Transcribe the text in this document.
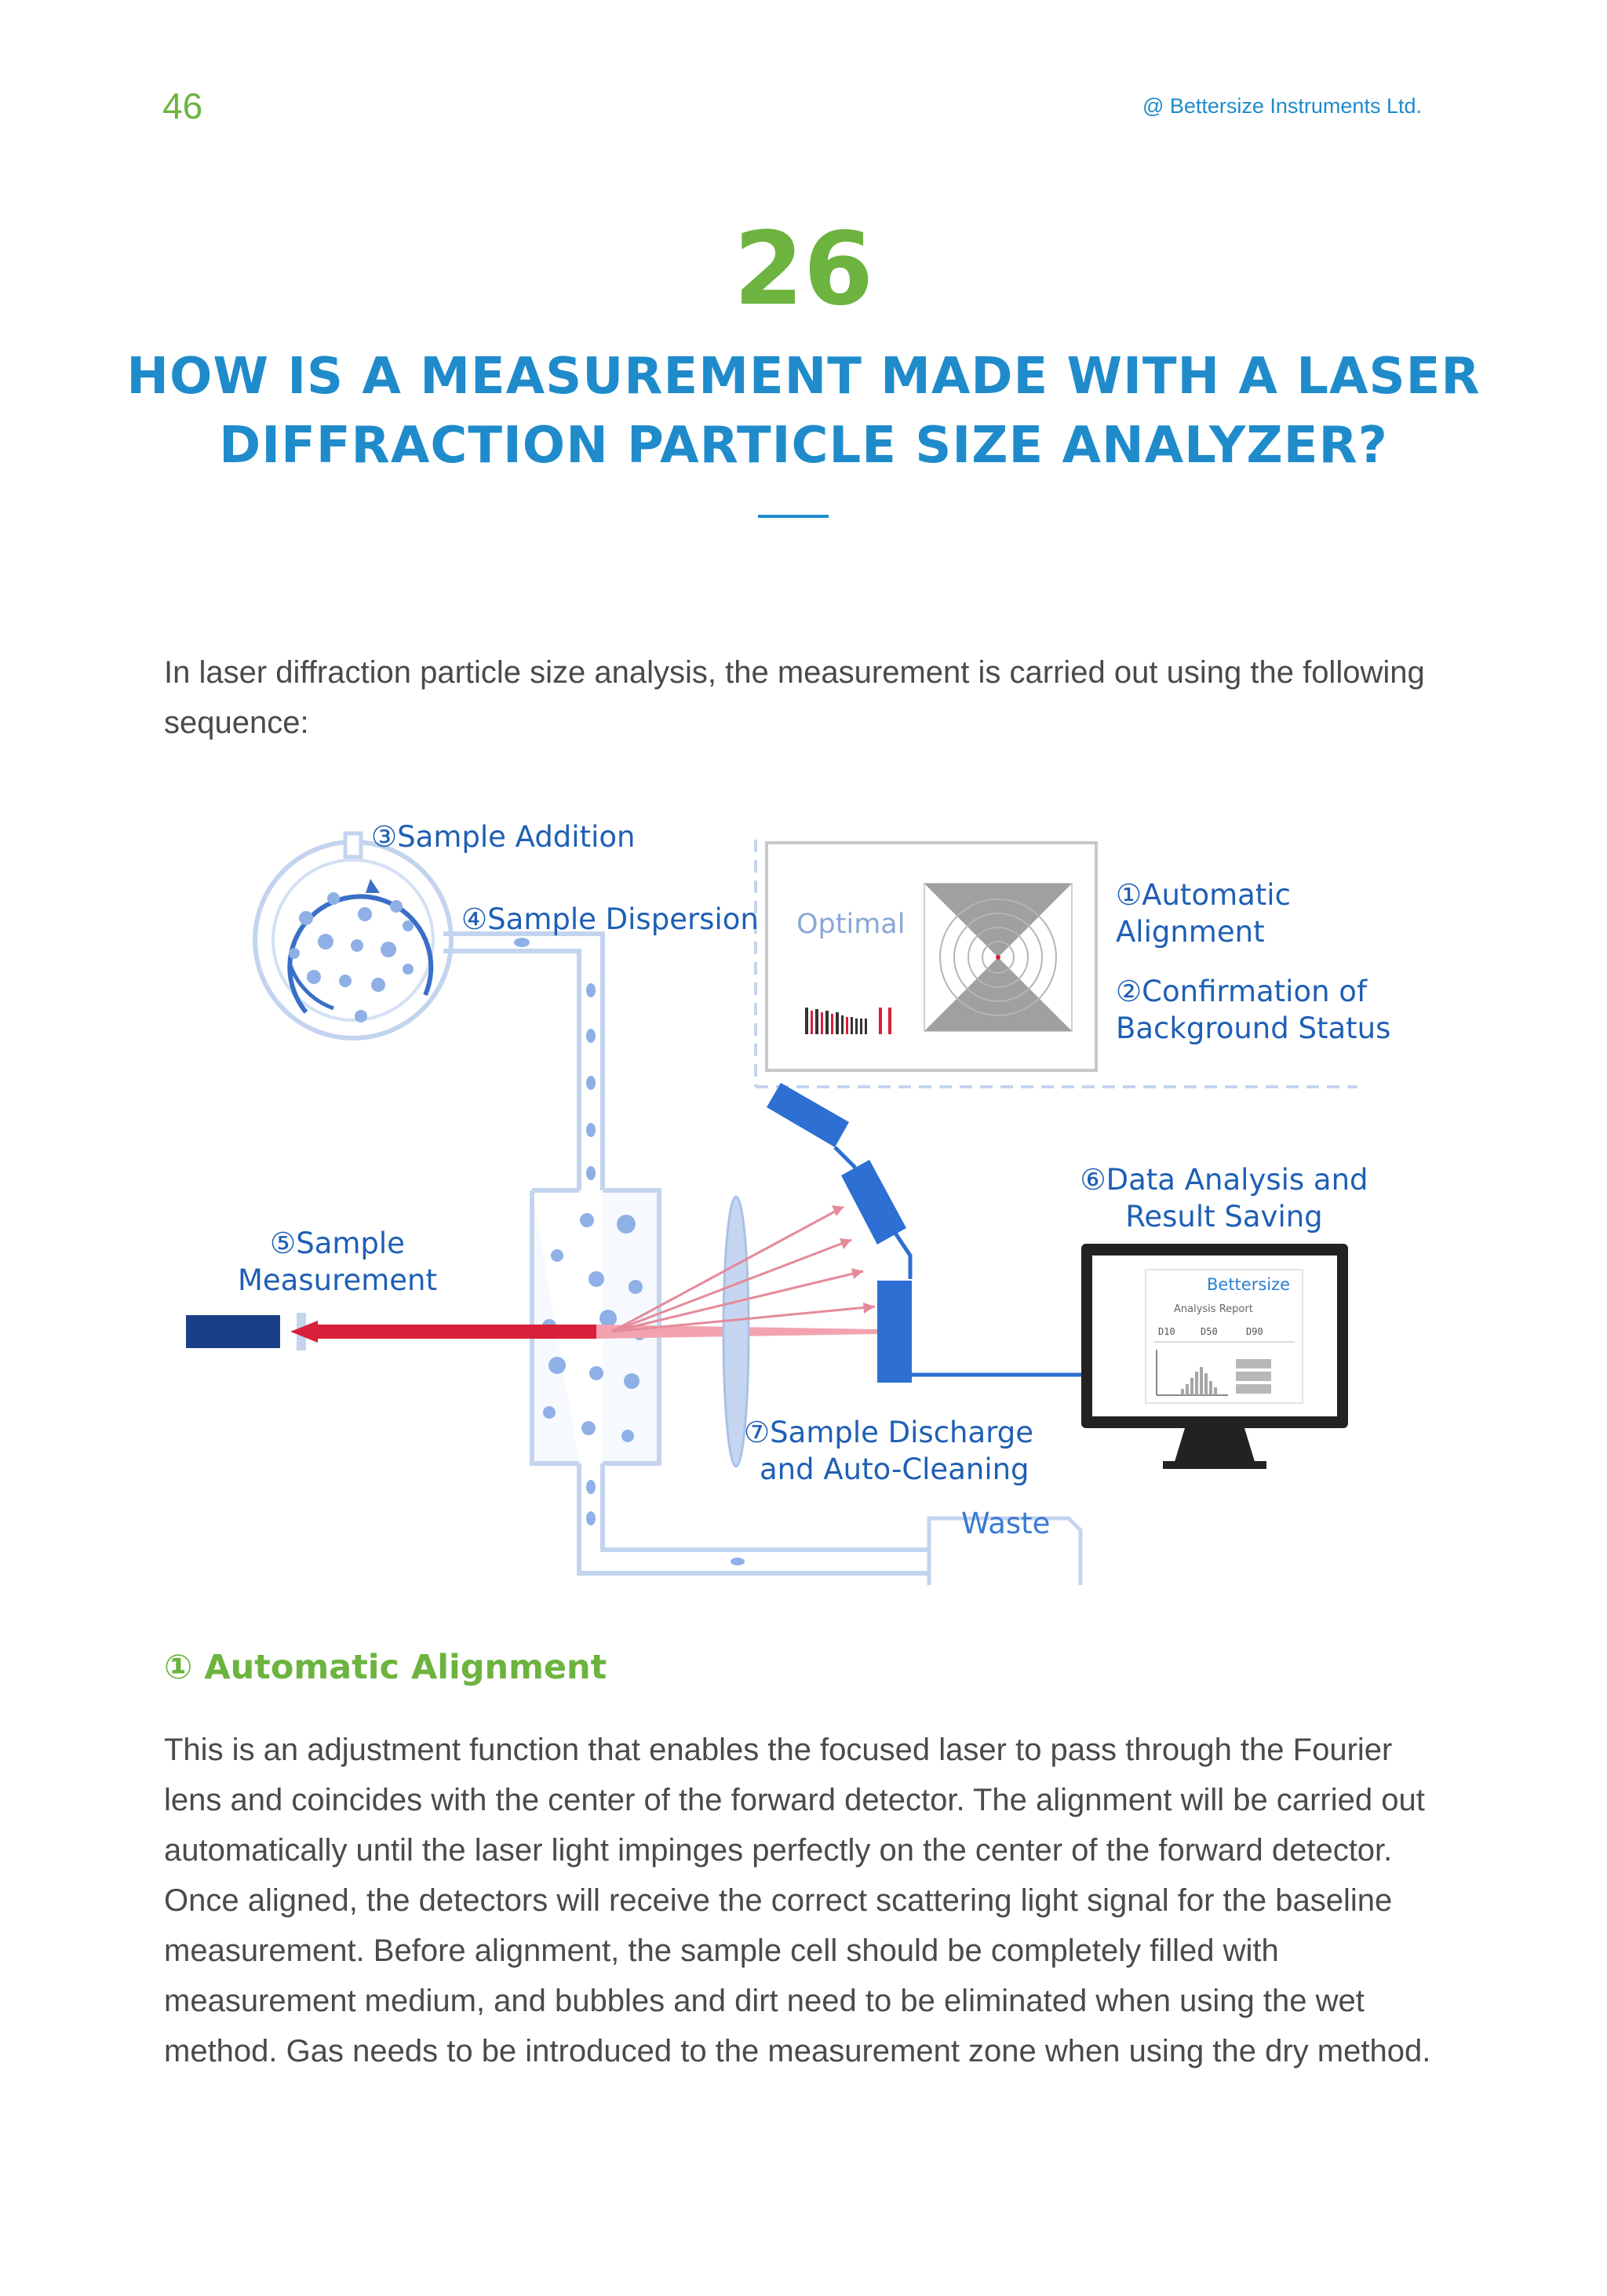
46	@ Bettersize Instruments Ltd.
26
HOW IS A MEASUREMENT MADE WITH A LASER DIFFRACTION PARTICLE SIZE ANALYZER?
In laser diffraction particle size analysis, the measurement is carried out using the following sequence:
③Sample Addition
④Sample Dispersion
①Automatic
Alignment
②Confirmation of
Background Status
⑥Data Analysis and
Result Saving
⑤Sample
Measurement
⑦Sample Discharge
and Auto-Cleaning
Waste
Optimal
Bettersize
Analysis Report
D10	D50	D90
① Automatic Alignment
This is an adjustment function that enables the focused laser to pass through the Fourier lens and coincides with the center of the forward detector. The alignment will be carried out automatically until the laser light impinges perfectly on the center of the forward detector. Once aligned, the detectors will receive the correct scattering light signal for the baseline measurement. Before alignment, the sample cell should be completely filled with measurement medium, and bubbles and dirt need to be eliminated when using the wet method. Gas needs to be introduced to the measurement zone when using the dry method.
